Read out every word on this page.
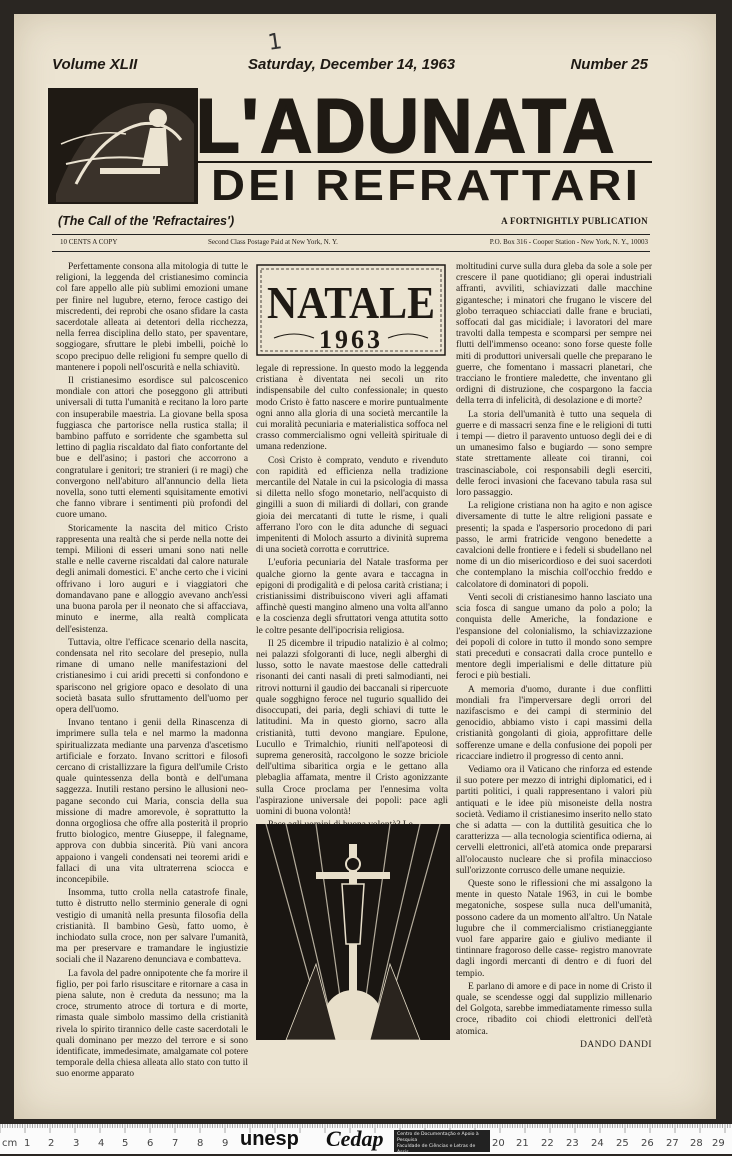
1
Volume XLII	Saturday, December 14, 1963	Number 25
L'ADUNATA
DEI REFRATTARI
(The Call of the 'Refractaires')	A FORTNIGHTLY PUBLICATION
10 CENTS A COPY	Second Class Postage Paid at New York, N. Y.	P.O. Box 316 - Cooper Station - New York, N. Y., 10003

Perfettamente consona alla mitologia di tutte le religioni, la leggenda del cristianesimo comincia col fare appello alle più sublimi emozioni umane per finire nel lugubre, eterno, feroce castigo dei miscredenti, dei reprobi che osano sfidare la casta sacerdotale alleata ai detentori della ricchezza, nella ferrea disciplina dello stato, per spaventare, soggiogare, sfruttare le plebi imbelli, poichè lo scopo precipuo delle religioni fu sempre quello di mantenere i popoli nell'oscurità e nella schiavitù.

Il cristianesimo esordisce sul palcoscenico mondiale con attori che poseggono gli attributi universali di tutta l'umanità e recitano la loro parte con insuperabile maestria. La giovane bella sposa fuggiasca che partorisce nella rustica stalla; il bambino paffuto e sorridente che sgambetta sul lettino di paglia riscaldato dal fiato confortante del bue e dell'asino; i pastori che accorrono a congratulare i genitori; tre stranieri (i re magi) che convergono nell'abituro all'annuncio della lieta novella, sono tutti elementi squisitamente emotivi che fanno vibrare i sentimenti più profondi del cuore umano.

Storicamente la nascita del mitico Cristo rappresenta una realtà che si perde nella notte dei tempi. Milioni di esseri umani sono nati nelle stalle e nelle caverne riscaldati dal calore naturale degli animali domestici. E' anche certo che i vicini offrivano i loro auguri e i viaggiatori che domandavano pane e alloggio avevano anch'essi una buona parola per il neonato che si affacciava, minuto e inerme, alla realtà complicata dell'esistenza.

Tuttavia, oltre l'efficace scenario della nascita, condensata nel rito secolare del presepio, nulla rimane di umano nelle manifestazioni del cristianesimo i cui aridi precetti si confondono e spariscono nel grigiore opaco e desolato di una società basata sullo sfruttamento dell'uomo per opera dell'uomo.

Invano tentano i genii della Rinascenza di imprimere sulla tela e nel marmo la madonna spiritualizzata mediante una parvenza d'ascetismo artificiale e forzato. Invano scrittori e filosofi cercano di cristallizzare la figura dell'umile Cristo quale quintessenza della bontà e dell'umana saggezza. Inutili restano persino le allusioni neo-pagane secondo cui Maria, conscia della sua missione di madre amorevole, è soprattutto la donna orgogliosa che offre alla posterità il proprio frutto biologico, mentre Giuseppe, il falegname, approva con dubbia sincerità. Più vani ancora appaiono i vangeli condensati nei teoremi aridi e fallaci di una vita ultraterrena sciocca e inconcepibile.

Insomma, tutto crolla nella catastrofe finale, tutto è distrutto nello sterminio generale di ogni vestigio di umanità nella presunta filosofia della cristianità. Il bambino Gesù, fatto uomo, è inchiodato sulla croce, non per salvare l'umanità, ma per preservare e tramandare le ingiustizie sociali che il Nazareno denunciava e combatteva.

La favola del padre onnipotente che fa morire il figlio, per poi farlo risuscitare e ritornare a casa in piena salute, non è creduta da nessuno; ma la croce, strumento atroce di tortura e di morte, rimasta quale simbolo massimo della cristianità rivela lo spirito tirannico delle caste sacerdotali le quali dominano per mezzo del terrore e si sono identificate, immedesimate, amalgamate col potere temporale della chiesa alleata allo stato con tutto il suo enorme apparato

NATALE
1963

legale di repressione. In questo modo la leggenda cristiana è diventata nei secoli un rito indispensabile del culto confessionale; in questo modo Cristo è fatto nascere e morire puntualmente ogni anno alla gloria di una società mercantile la cui moralità pecuniaria e materialistica soffoca nel crasso commercialismo ogni velleità spirituale di umana redenzione.

Così Cristo è comprato, venduto e rivenduto con rapidità ed efficienza nella tradizione mercantile del Natale in cui la psicologia di massa si diletta nello sfogo monetario, nell'acquisto di gingilli a suon di miliardi di dollari, con grande gioia dei mercatanti di tutte le risme, i quali afferrano l'oro con le dita adunche di seguaci impenitenti di Moloch assurto a divinità suprema di una società corrotta e corruttrice.

L'euforia pecuniaria del Natale trasforma per qualche giorno la gente avara e taccagna in epigoni di prodigalità e di pelosa carità cristiana; i cristianissimi distribuiscono viveri agli affamati affinchè questi mangino almeno una volta all'anno e la coscienza degli sfruttatori venga attutita sotto le coltre pesante dell'ipocrisia religiosa.

Il 25 dicembre il tripudio natalizio è al colmo; nei palazzi sfolgoranti di luce, negli alberghi di lusso, sotto le navate maestose delle cattedrali risonanti dei canti nasali di preti salmodianti, nei ritrovi notturni il gaudio dei baccanali si ripercuote quale sogghigno feroce nel tugurio squallido dei disoccupati, dei paria, degli schiavi di tutte le latitudini. Ma in questo giorno, sacro alla cristianità, tutti devono mangiare. Epulone, Lucullo e Trimalchio, riuniti nell'apoteosi di suprema generosità, raccolgono le sozze briciole dell'ultima sibaritica orgia e le gettano alla plebaglia affamata, mentre il Cristo agonizzante sulla Croce proclama per l'ennesima volta l'aspirazione universale dei popoli: pace agli uomini di buona volontà!

moltitudini curve sulla dura gleba da sole a sole per crescere il pane quotidiano; gli operai industriali affranti, avviliti, schiavizzati dalle macchine gigantesche; i minatori che frugano le viscere del globo terraqueo schiacciati dalle frane e bruciati, soffocati dal gas micidiale; i lavoratori del mare travolti dalla tempesta e scomparsi per sempre nei flutti dell'immenso oceano: sono forse queste folle miti di produttori universali quelle che preparano le guerre, che fomentano i massacri planetari, che tracciano le frontiere maledette, che inventano gli ordigni di distruzione, che cospargono la faccia della terra di infelicità, di desolazione e di morte?

La storia dell'umanità è tutto una sequela di guerre e di massacri senza fine e le religioni di tutti i tempi — dietro il paravento untuoso degli dei e di un umanesimo falso e bugiardo — sono sempre state strettamente alleate coi tiranni, coi trascinasciabole, coi responsabili degli eserciti, delle feroci invasioni che facevano tabula rasa sul loro passaggio.

La religione cristiana non ha agito e non agisce diversamente di tutte le altre religioni passate e presenti; la spada e l'aspersorio procedono di pari passo, le armi fratricide vengono benedette a cavalcioni delle frontiere e i fedeli si sbudellano nel nome di un dio misericordioso e dei suoi sacerdoti che contemplano la mischia coll'occhio freddo e calcolatore di dominatori di popoli.

Venti secoli di cristianesimo hanno lasciato una scia fosca di sangue umano da polo a polo; la conquista delle Americhe, la fondazione e l'espansione del colonialismo, la schiavizzazione dei popoli di colore in tutto il mondo sono sempre stati preceduti e consacrati dalla croce puntello e mentore degli imperialismi e delle dittature più feroci e più bestiali.

A memoria d'uomo, durante i due conflitti mondiali fra l'imperversare degli orrori del nazifascismo e dei campi di sterminio del genocidio, abbiamo visto i capi massimi della cristianità gongolanti di gioia, approfittare delle sofferenze umane e della confusione dei popoli per ricacciare indietro il progresso di cento anni.

Vediamo ora il Vaticano che rinforza ed estende il suo potere per mezzo di intrighi diplomatici, ed i partiti politici, i quali rappresentano i valori più antiquati e le idee più misoneiste della nostra società. Vediamo il cristianesimo inserito nello stato che si adatta — con la duttilità gesuitica che lo caratterizza — alla tecnologia scientifica odierna, ai cervelli elettronici, all'età atomica onde prepararsi all'olocausto nucleare che si profila minaccioso sull'orizzonte corrusco delle umane nequizie.

Queste sono le riflessioni che mi assalgono la mente in questo Natale 1963, in cui le bombe megatoniche, sospese sulla nuca dell'umanità, possono cadere da un momento all'altro. Un Natale lugubre che il commercialismo cristianeggiante vuol fare apparire gaio e giulivo mediante il tintinnare fragoroso delle casse- registro manovrate dagli ingordi mercanti di dentro e di fuori del tempio.

E parlano di amore e di pace in nome di Cristo il quale, se scendesse oggi dal supplizio millenario del Golgota, sarebbe immediatamente rimesso sulla croce, ribadito coi chiodi elettronici dell'età atomica.

DANDO DANDI
cm 1 2 3 4 5 6 7 8 9	20 21 22 23 24 25 26 27 28 29
unesp Cedap	Centro de Documentação e Apoio à Pesquisa
Faculdade de Ciências e Letras de Assis
